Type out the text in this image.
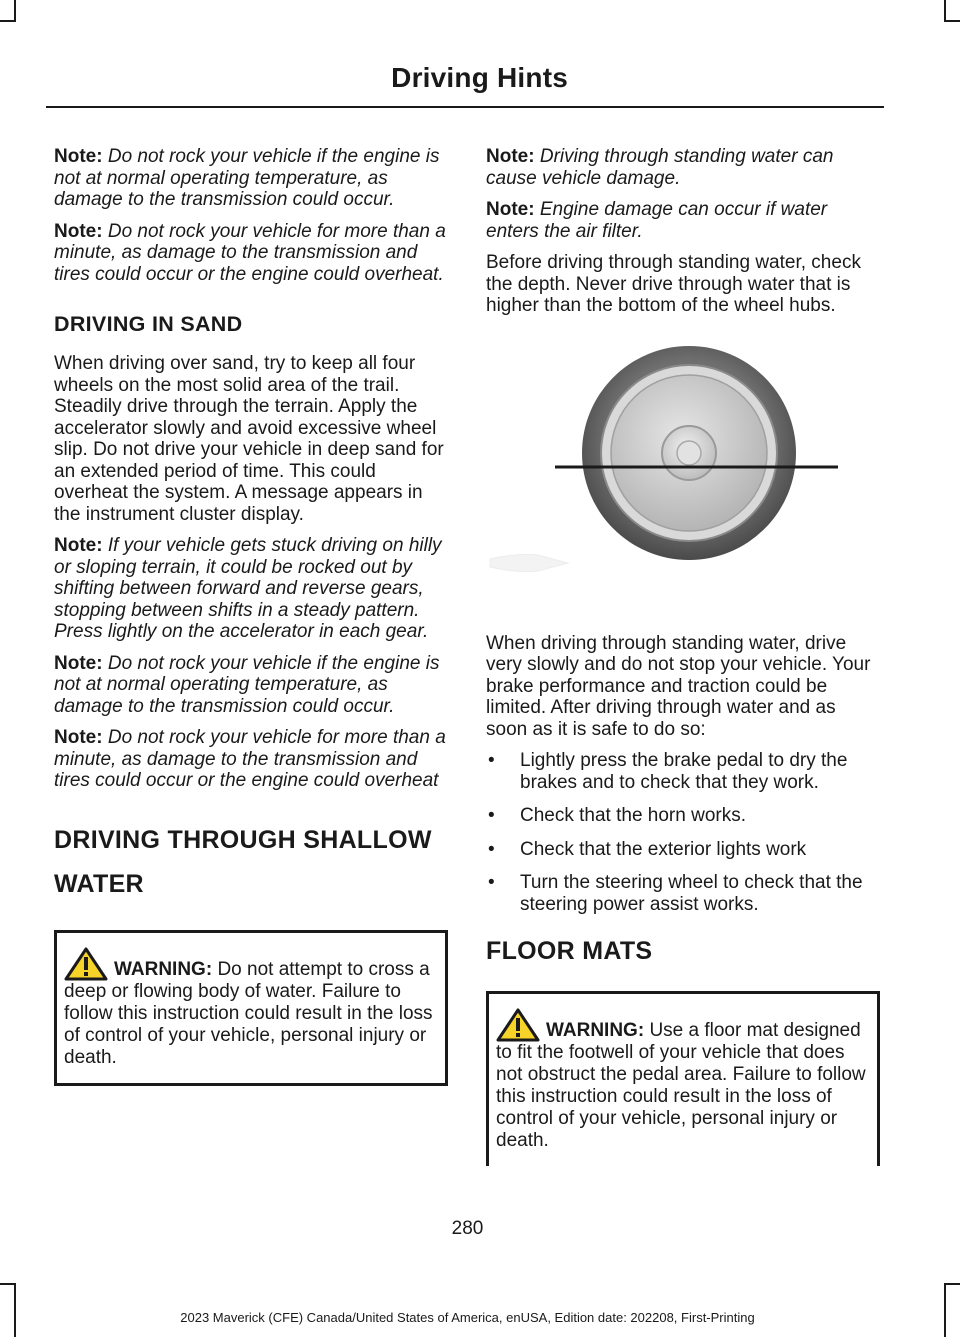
Driving Hints

Note: Do not rock your vehicle if the engine is not at normal operating temperature, as damage to the transmission could occur.

Note: Do not rock your vehicle for more than a minute, as damage to the transmission and tires could occur or the engine could overheat.

DRIVING IN SAND

When driving over sand, try to keep all four wheels on the most solid area of the trail. Steadily drive through the terrain. Apply the accelerator slowly and avoid excessive wheel slip. Do not drive your vehicle in deep sand for an extended period of time. This could overheat the system. A message appears in the instrument cluster display.

Note: If your vehicle gets stuck driving on hilly or sloping terrain, it could be rocked out by shifting between forward and reverse gears, stopping between shifts in a steady pattern. Press lightly on the accelerator in each gear.

Note: Do not rock your vehicle if the engine is not at normal operating temperature, as damage to the transmission could occur.

Note: Do not rock your vehicle for more than a minute, as damage to the transmission and tires could occur or the engine could overheat

DRIVING THROUGH SHALLOW
WATER

WARNING: Do not attempt to cross a deep or flowing body of water. Failure to follow this instruction could result in the loss of control of your vehicle, personal injury or death.

Note: Driving through standing water can cause vehicle damage.

Note: Engine damage can occur if water enters the air filter.

Before driving through standing water, check the depth. Never drive through water that is higher than the bottom of the wheel hubs.

When driving through standing water, drive very slowly and do not stop your vehicle. Your brake performance and traction could be limited. After driving through water and as soon as it is safe to do so:

• Lightly press the brake pedal to dry the brakes and to check that they work.
• Check that the horn works.
• Check that the exterior lights work
• Turn the steering wheel to check that the steering power assist works.
FLOOR MATS

WARNING: Use a floor mat designed to fit the footwell of your vehicle that does not obstruct the pedal area. Failure to follow this instruction could result in the loss of control of your vehicle, personal injury or death.

280
2023 Maverick (CFE) Canada/United States of America, enUSA, Edition date: 202208, First-Printing
